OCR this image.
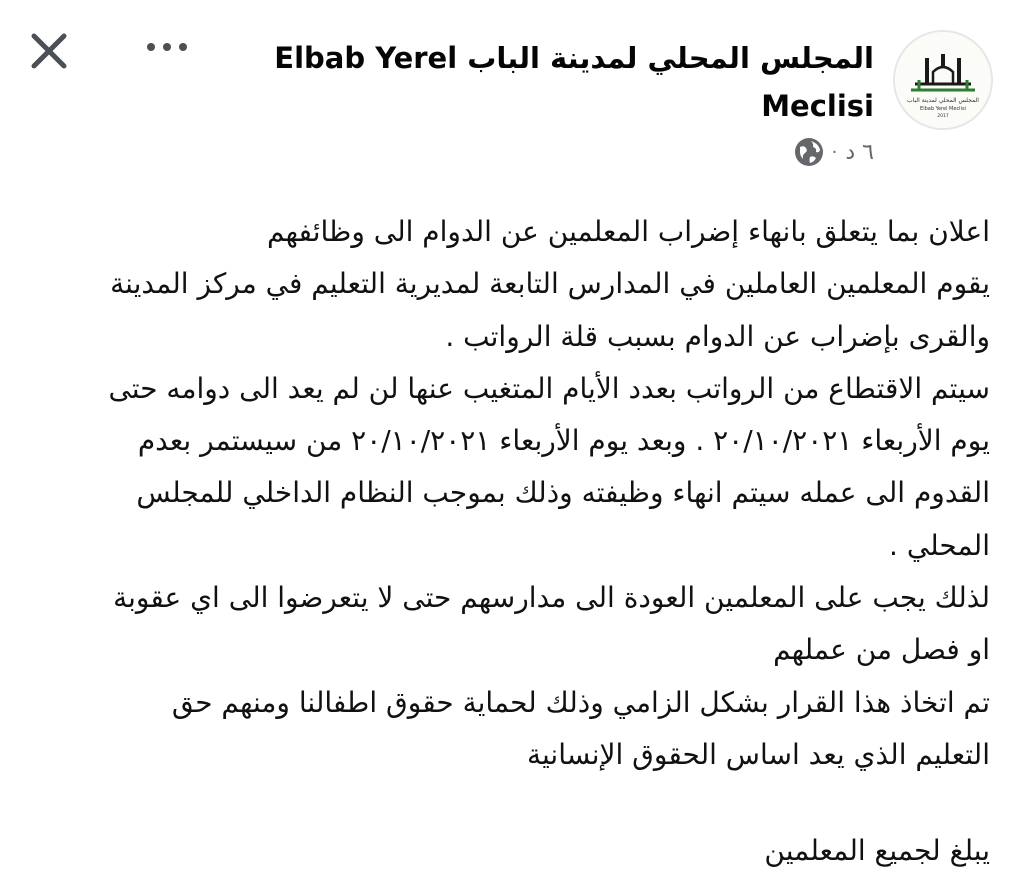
المجلس المحلي لمدينة الباب
Elbab Yerel Meclisi
2017
المجلس المحلي لمدينة الباب Elbab Yerel Meclisi
٦ د
·
اعلان بما يتعلق بانهاء إضراب المعلمين عن الدوام الى وظائفهم
يقوم المعلمين العاملين في المدارس التابعة لمديرية التعليم في مركز المدينة
والقرى بإضراب عن الدوام بسبب قلة الرواتب .
سيتم الاقتطاع من الرواتب بعدد الأيام المتغيب عنها لن لم يعد الى دوامه حتى
يوم الأربعاء ٢٠/١٠/٢٠٢١ . وبعد يوم الأربعاء ٢٠/١٠/٢٠٢١ من سيستمر بعدم
القدوم الى عمله سيتم انهاء وظيفته وذلك بموجب النظام الداخلي للمجلس
المحلي .
لذلك يجب على المعلمين العودة الى مدارسهم حتى لا يتعرضوا الى اي عقوبة
او فصل من عملهم
تم اتخاذ هذا القرار بشكل الزامي وذلك لحماية حقوق اطفالنا ومنهم حق
التعليم الذي يعد اساس الحقوق الإنسانية
يبلغ لجميع المعلمين
